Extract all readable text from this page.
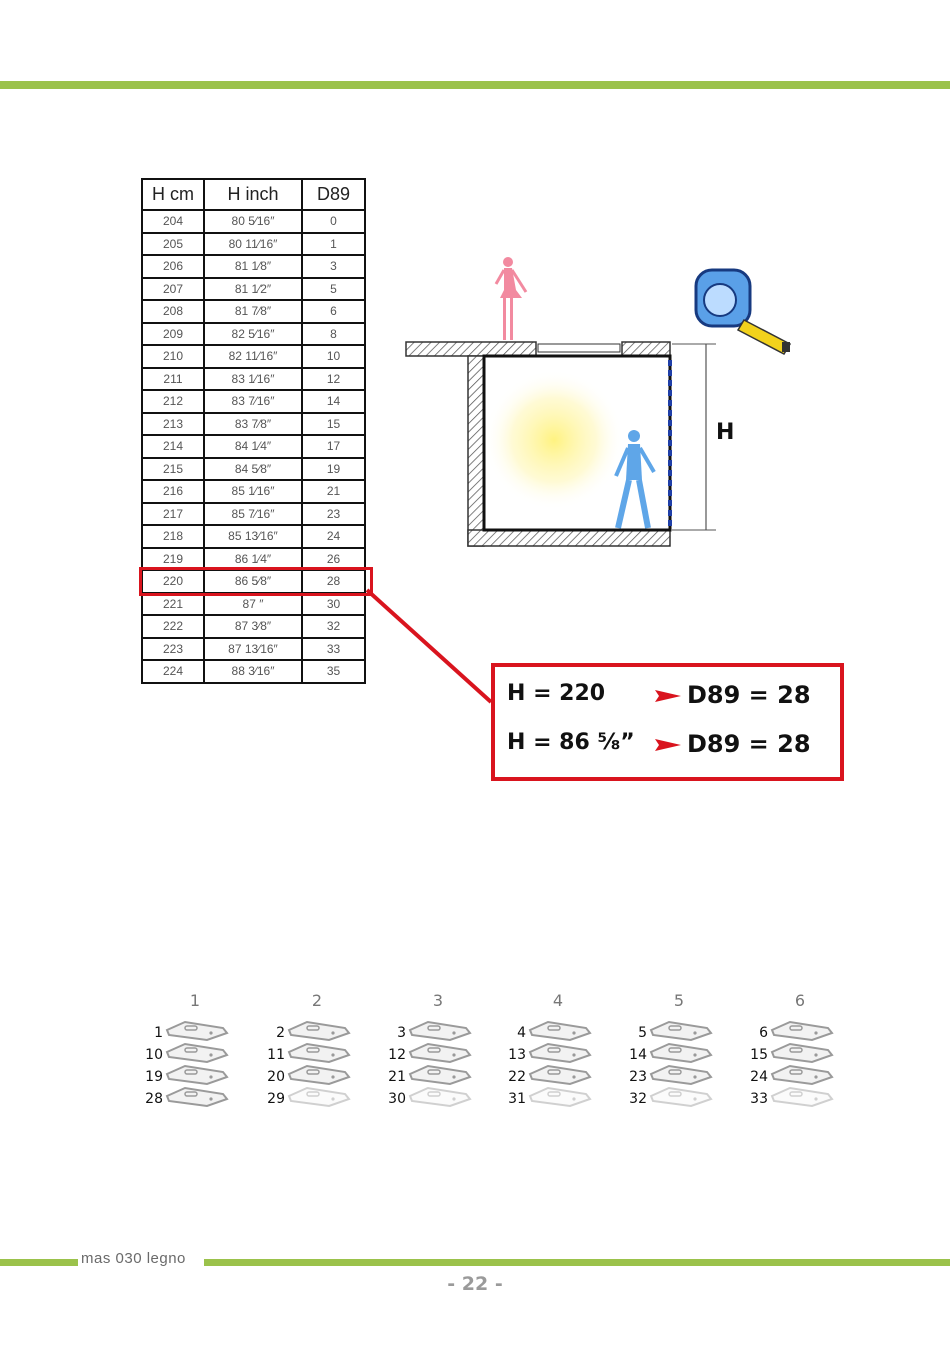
H cm	H inch	D89
204	80 5⁄16″	0
205	80 11⁄16″	1
206	81 1⁄8″	3
207	81 1⁄2″	5
208	81 7⁄8″	6
209	82 5⁄16″	8
210	82 11⁄16″	10
211	83 1⁄16″	12
212	83 7⁄16″	14
213	83 7⁄8″	15
214	84 1⁄4″	17
215	84 5⁄8″	19
216	85 1⁄16″	21
217	85 7⁄16″	23
218	85 13⁄16″	24
219	86 1⁄4″	26
220	86 5⁄8″	28
221	87 ″	30
222	87 3⁄8″	32
223	87 13⁄16″	33
224	88 3⁄16″	35
H
H = 220	D89 = 28
H = 86 ⅝” D89 = 28
1
1
10
19
28
2
2
11
20
29
3
3
12
21
30
4
4
13
22
31
5
5
14
23
32
6
6
15
24
33
mas 030 legno
- 22 -
